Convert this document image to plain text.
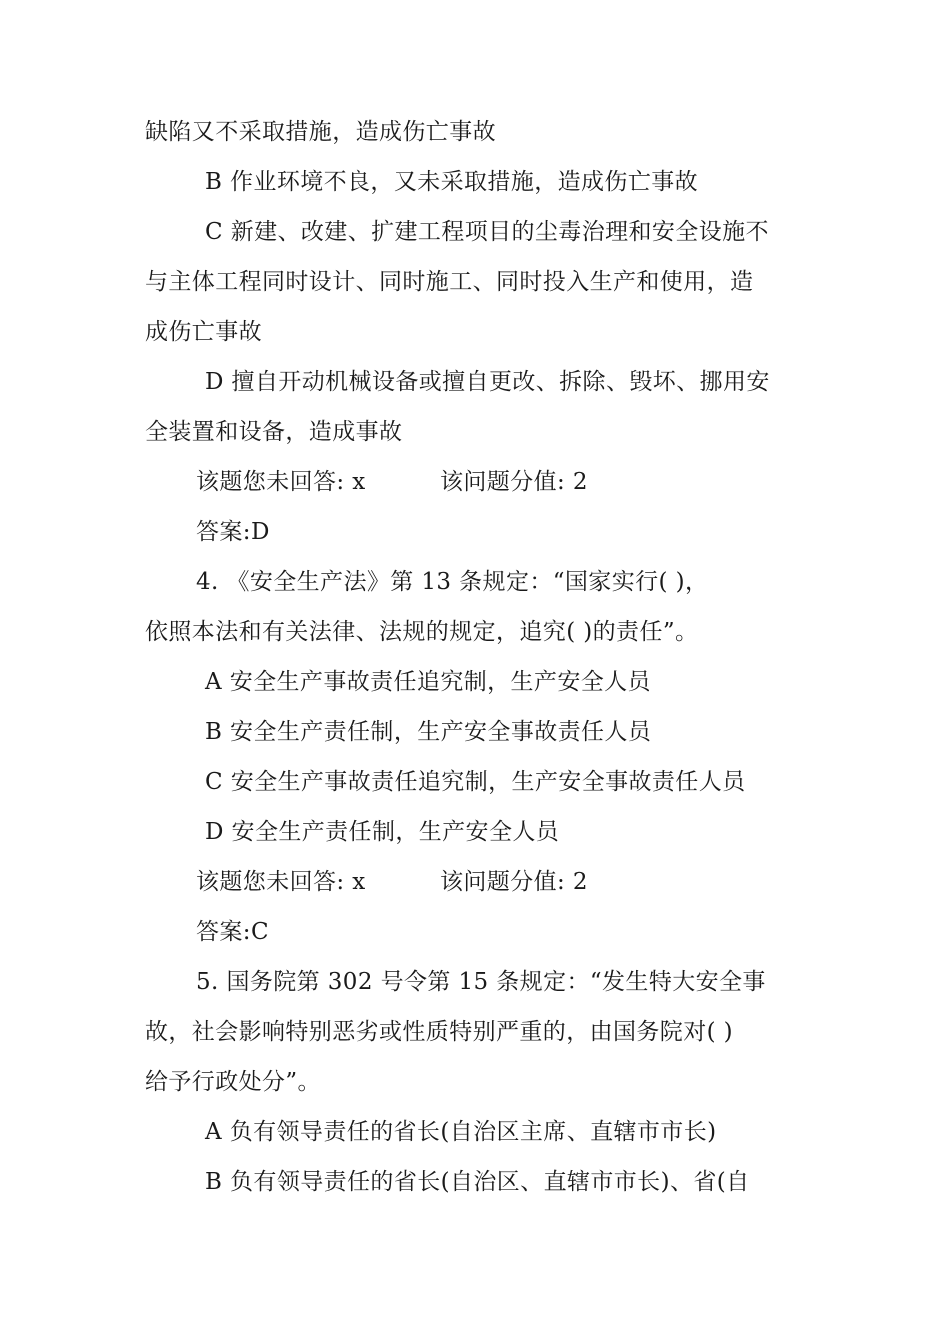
缺陷又不采取措施，造成伤亡事故
B 作业环境不良，又未采取措施，造成伤亡事故
C 新建、改建、扩建工程项目的尘毒治理和安全设施不
与主体工程同时设计、同时施工、同时投入生产和使用，造
成伤亡事故
D 擅自开动机械设备或擅自更改、拆除、毁坏、挪用安
全装置和设备，造成事故
该题您未回答: x	该问题分值: 2
答案:D
4. 《安全生产法》第 13 条规定：“国家实行( )，
依照本法和有关法律、法规的规定，追究( )的责任”。
A 安全生产事故责任追究制，生产安全人员
B 安全生产责任制，生产安全事故责任人员
C 安全生产事故责任追究制，生产安全事故责任人员
D 安全生产责任制，生产安全人员
该题您未回答: x	该问题分值: 2
答案:C
5. 国务院第 302 号令第 15 条规定：“发生特大安全事
故，社会影响特别恶劣或性质特别严重的，由国务院对( )
给予行政处分”。
A 负有领导责任的省长(自治区主席、直辖市市长)
B 负有领导责任的省长(自治区、直辖市市长)、省(自
